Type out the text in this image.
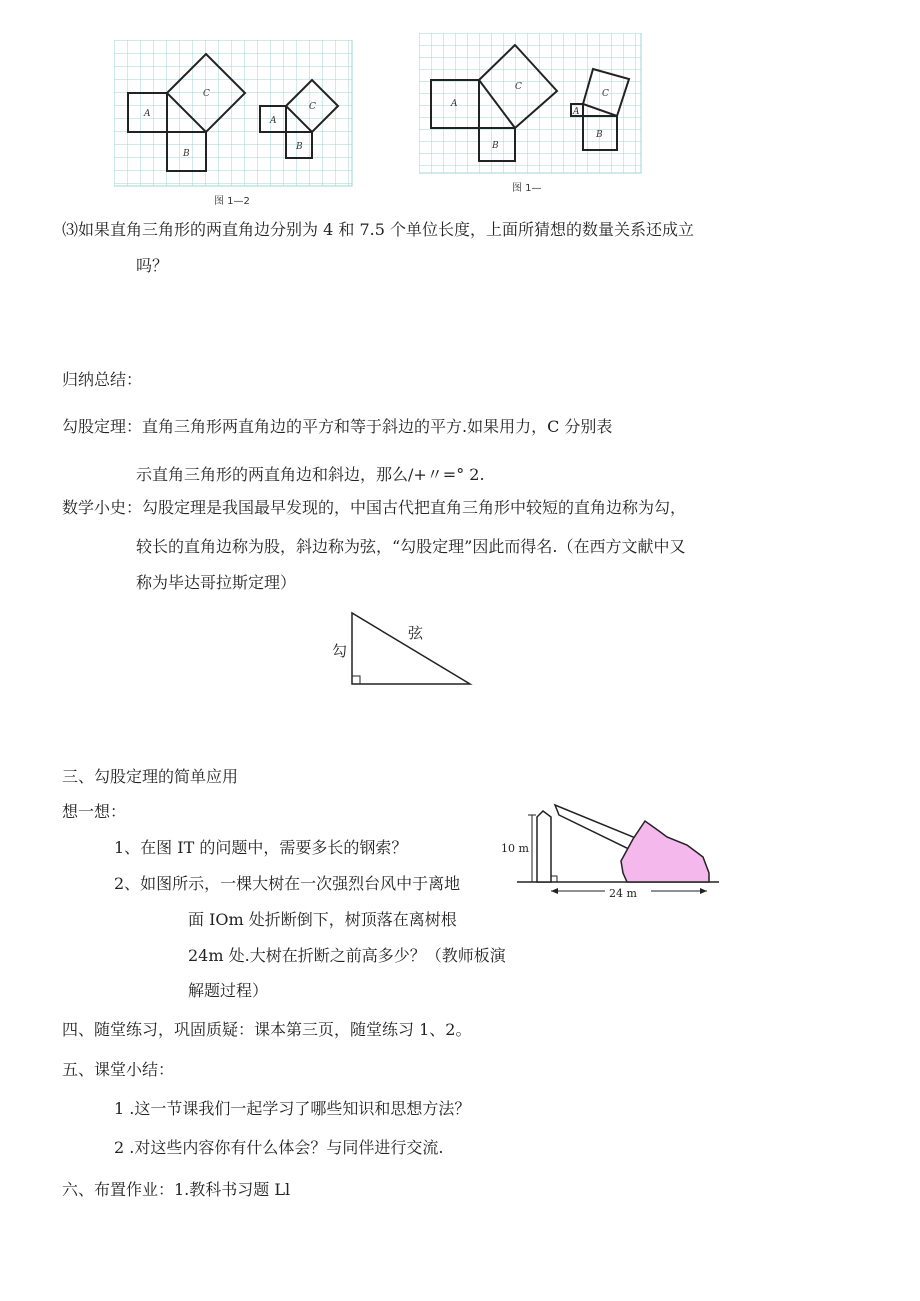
A
B
C
A
B
C
图 1—2
A
B
C
A
B
C
图 1—
⑶如果直角三角形的两直角边分别为 4 和 7.5 个单位长度，上面所猜想的数量关系还成立
吗？
归纳总结：
勾股定理：直角三角形两直角边的平方和等于斜边的平方.如果用力，C 分别表
示直角三角形的两直角边和斜边，那么/+〃=° 2.
数学小史：勾股定理是我国最早发现的，中国古代把直角三角形中较短的直角边称为勾，
较长的直角边称为股，斜边称为弦，“勾股定理”因此而得名.（在西方文献中又
称为毕达哥拉斯定理）
勾
弦
三、勾股定理的简单应用
想一想：
1、在图 IT 的问题中，需要多长的钢索？
2、如图所示，一棵大树在一次强烈台风中于离地
面 IOm 处折断倒下，树顶落在离树根
24m 处.大树在折断之前高多少？（教师板演
解题过程）
10 m
24 m
四、随堂练习，巩固质疑：课本第三页，随堂练习 1、2。
五、课堂小结：
1 .这一节课我们一起学习了哪些知识和思想方法？
2 .对这些内容你有什么体会？与同伴进行交流.
六、布置作业：1.教科书习题 Ll
